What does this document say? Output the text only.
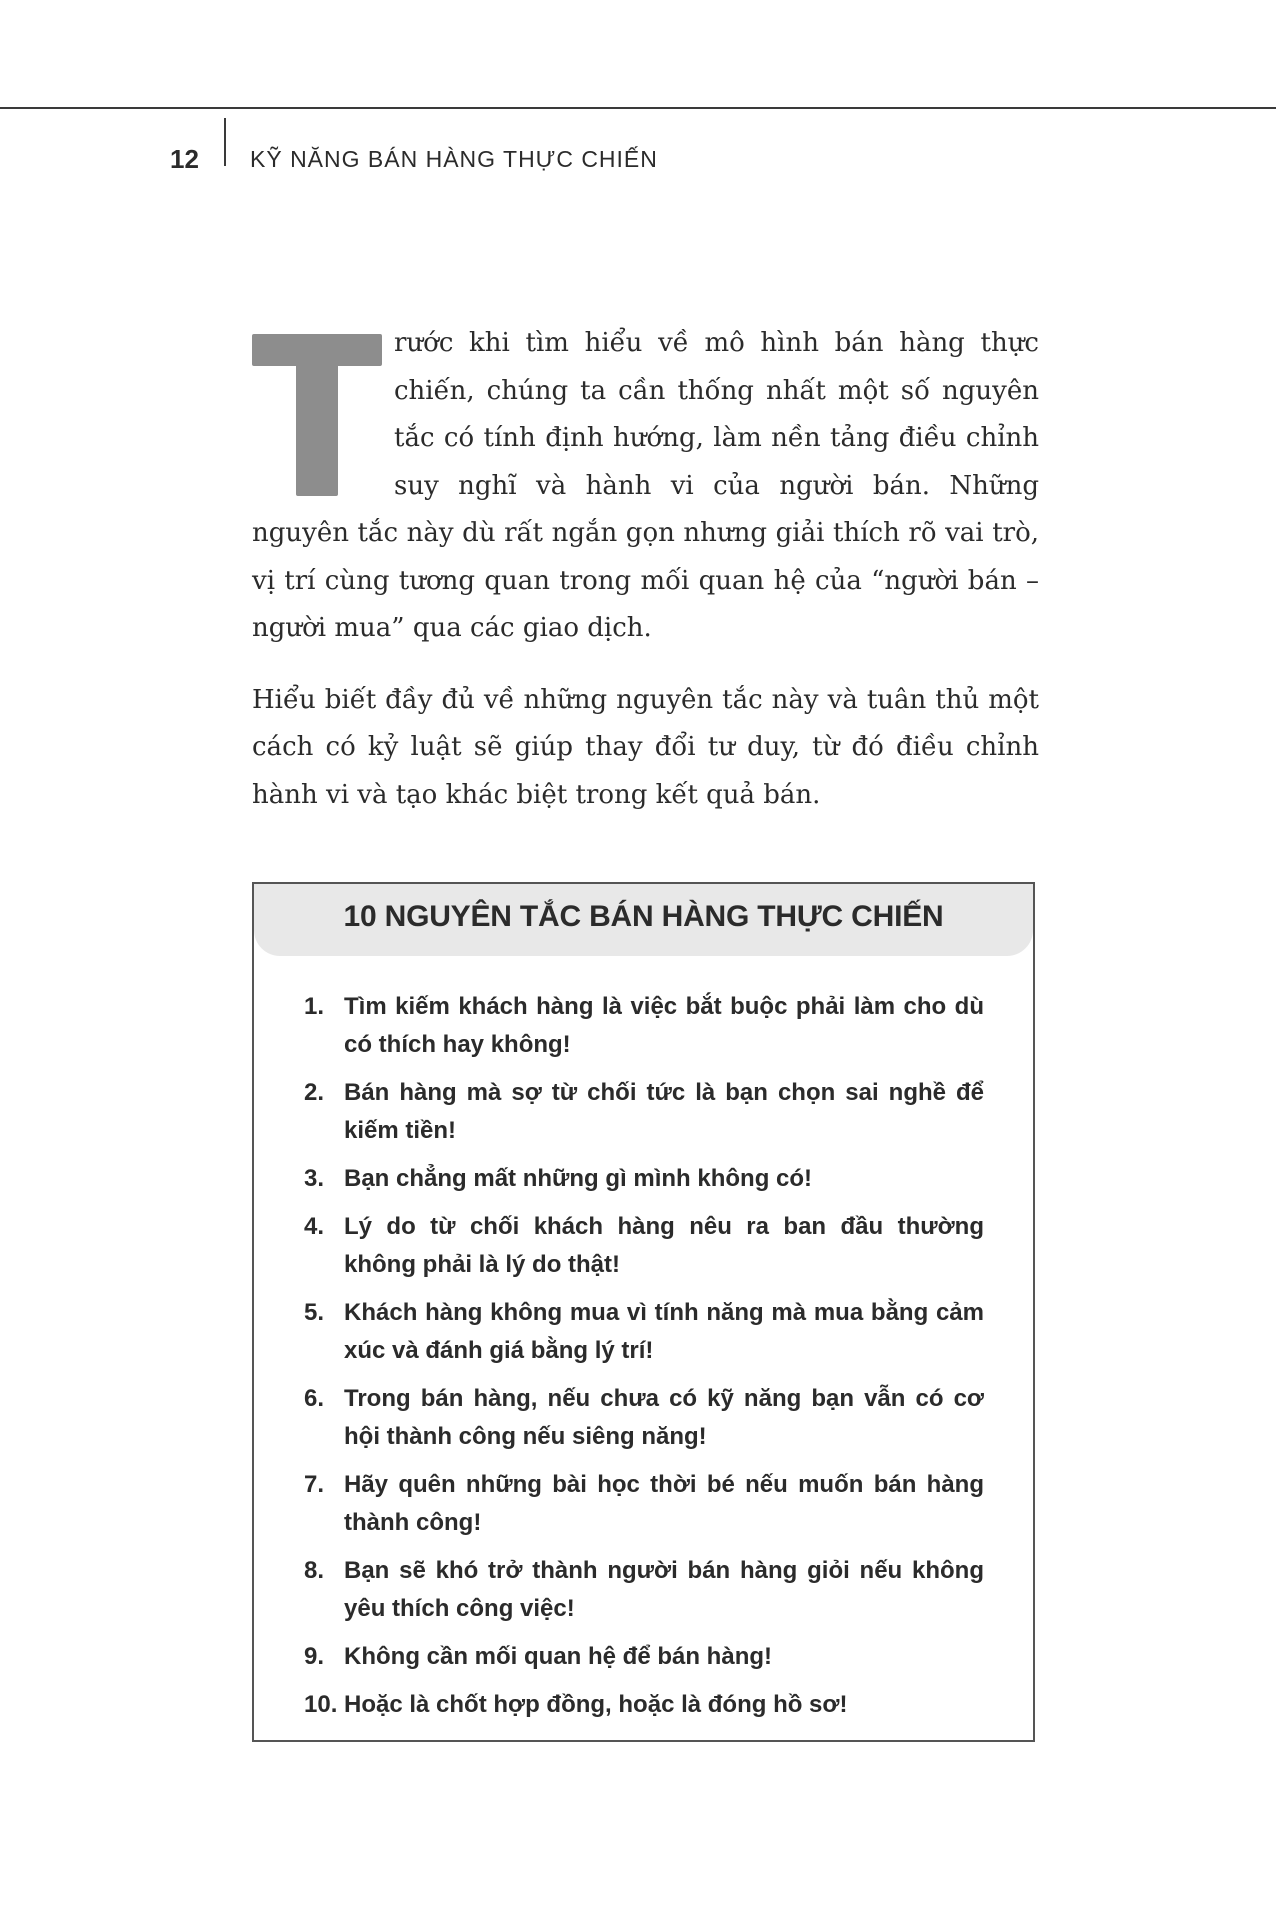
12 KỸ NĂNG BÁN HÀNG THỰC CHIẾN

rước khi tìm hiểu về mô hình bán hàng thực chiến, chúng ta cần thống nhất một số nguyên tắc có tính định hướng, làm nền tảng điều chỉnh suy nghĩ và hành vi của người bán. Những nguyên tắc này dù rất ngắn gọn nhưng giải thích rõ vai trò, vị trí cùng tương quan trong mối quan hệ của “người bán – người mua” qua các giao dịch.

Hiểu biết đầy đủ về những nguyên tắc này và tuân thủ một cách có kỷ luật sẽ giúp thay đổi tư duy, từ đó điều chỉnh hành vi và tạo khác biệt trong kết quả bán.

10 NGUYÊN TẮC BÁN HÀNG THỰC CHIẾN
1. Tìm kiếm khách hàng là việc bắt buộc phải làm cho dù có thích hay không!
2. Bán hàng mà sợ từ chối tức là bạn chọn sai nghề để kiếm tiền!
3. Bạn chẳng mất những gì mình không có!
4. Lý do từ chối khách hàng nêu ra ban đầu thường không phải là lý do thật!
5. Khách hàng không mua vì tính năng mà mua bằng cảm xúc và đánh giá bằng lý trí!
6. Trong bán hàng, nếu chưa có kỹ năng bạn vẫn có cơ hội thành công nếu siêng năng!
7. Hãy quên những bài học thời bé nếu muốn bán hàng thành công!
8. Bạn sẽ khó trở thành người bán hàng giỏi nếu không yêu thích công việc!
9. Không cần mối quan hệ để bán hàng!
10. Hoặc là chốt hợp đồng, hoặc là đóng hồ sơ!
